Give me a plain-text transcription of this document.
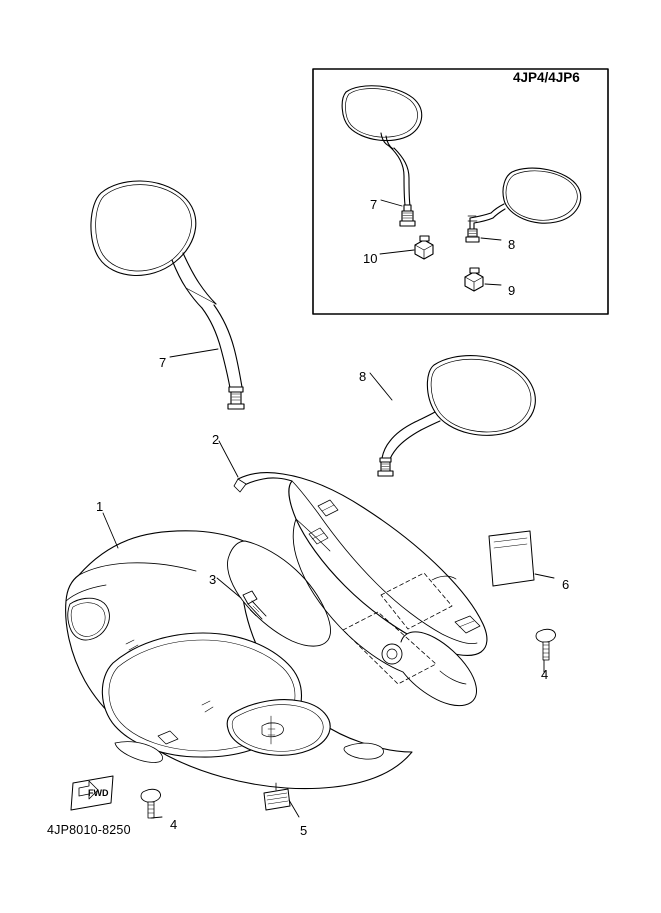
4JP4/4JP6
4JP8010-8250
FWD
1
2
3
4
4	5
6
7
8
7
10
8
9
